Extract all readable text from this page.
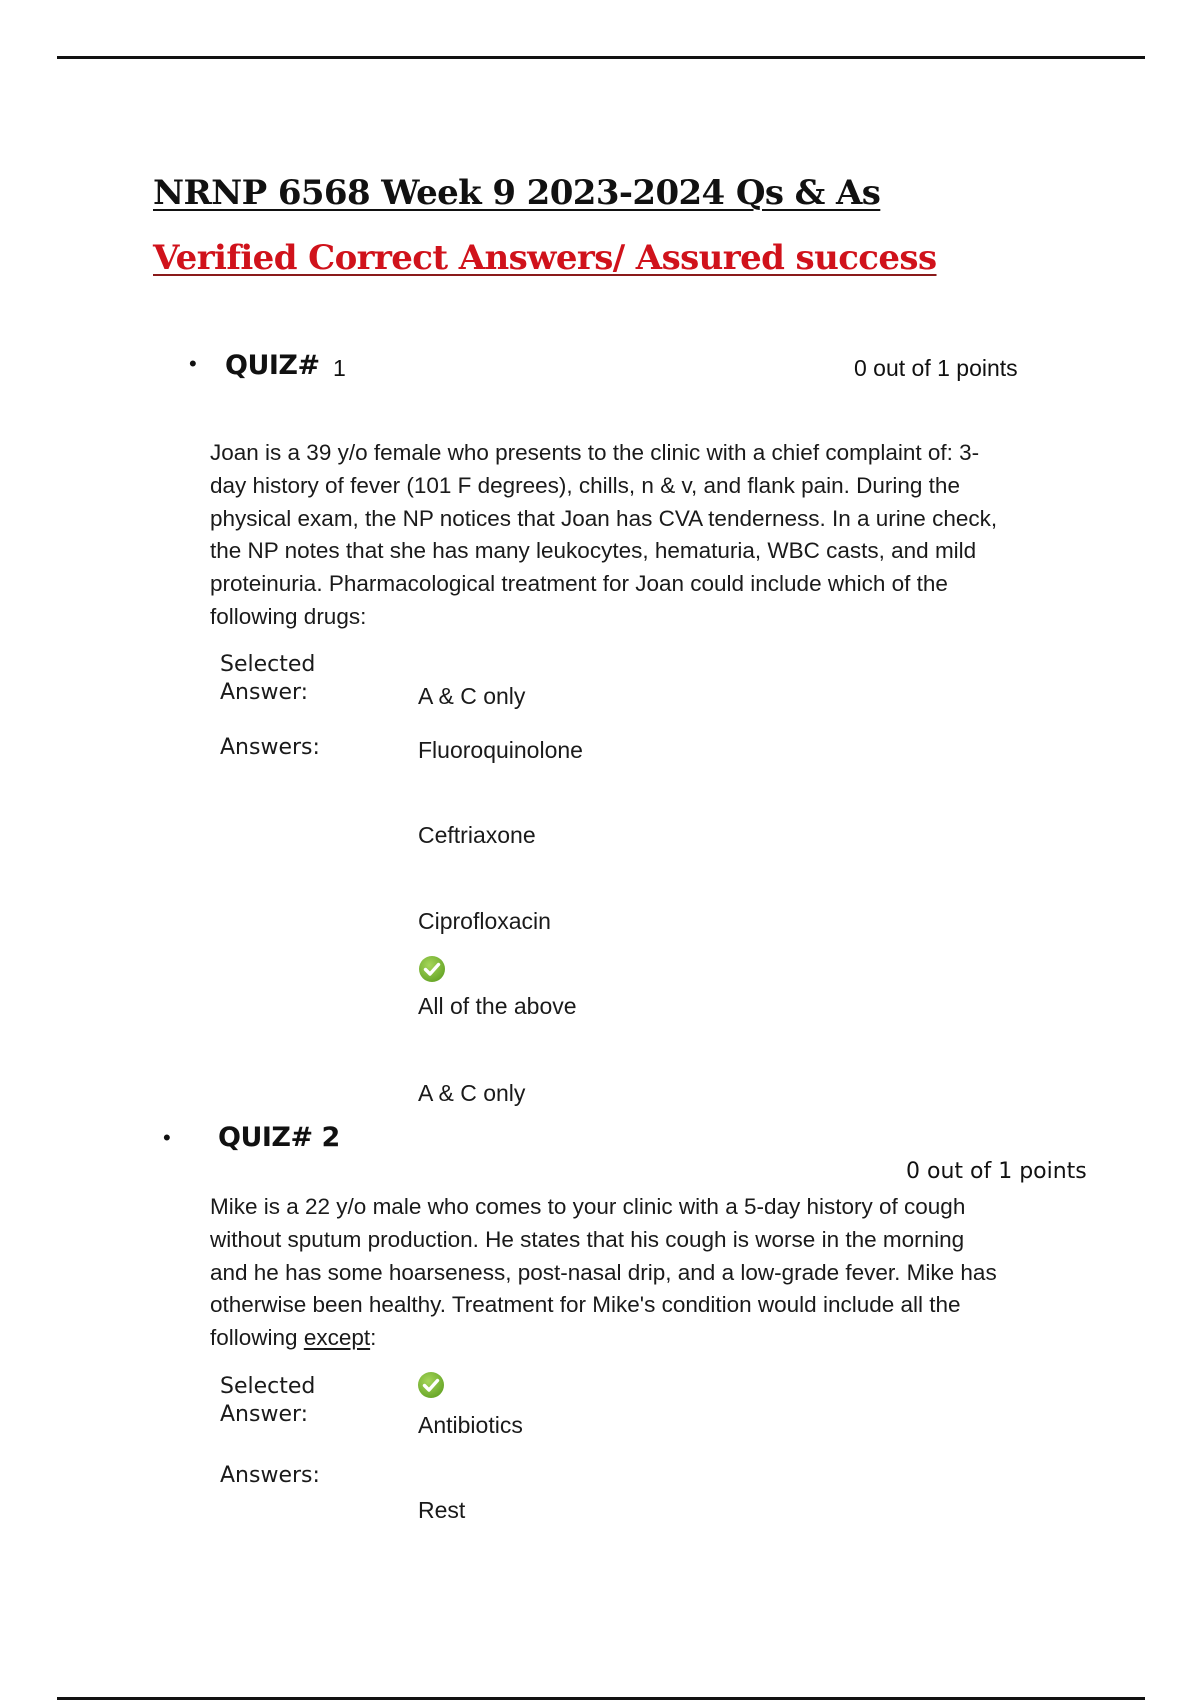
NRNP 6568 Week 9 2023-2024 Qs & As
Verified Correct Answers/ Assured success
• QUIZ# 1	0 out of 1 points
Joan is a 39 y/o female who presents to the clinic with a chief complaint of: 3-
day history of fever (101 F degrees), chills, n & v, and flank pain. During the
physical exam, the NP notices that Joan has CVA tenderness. In a urine check,
the NP notes that she has many leukocytes, hematuria, WBC casts, and mild
proteinuria. Pharmacological treatment for Joan could include which of the
following drugs:
Selected
Answer:	A & C only
Answers:	Fluoroquinolone
Ceftriaxone
Ciprofloxacin
All of the above
A & C only
• QUIZ# 2
0 out of 1 points
Mike is a 22 y/o male who comes to your clinic with a 5-day history of cough
without sputum production. He states that his cough is worse in the morning
and he has some hoarseness, post-nasal drip, and a low-grade fever. Mike has
otherwise been healthy. Treatment for Mike's condition would include all the
following except:
Selected
Answer:	Antibiotics
Answers:
Rest
